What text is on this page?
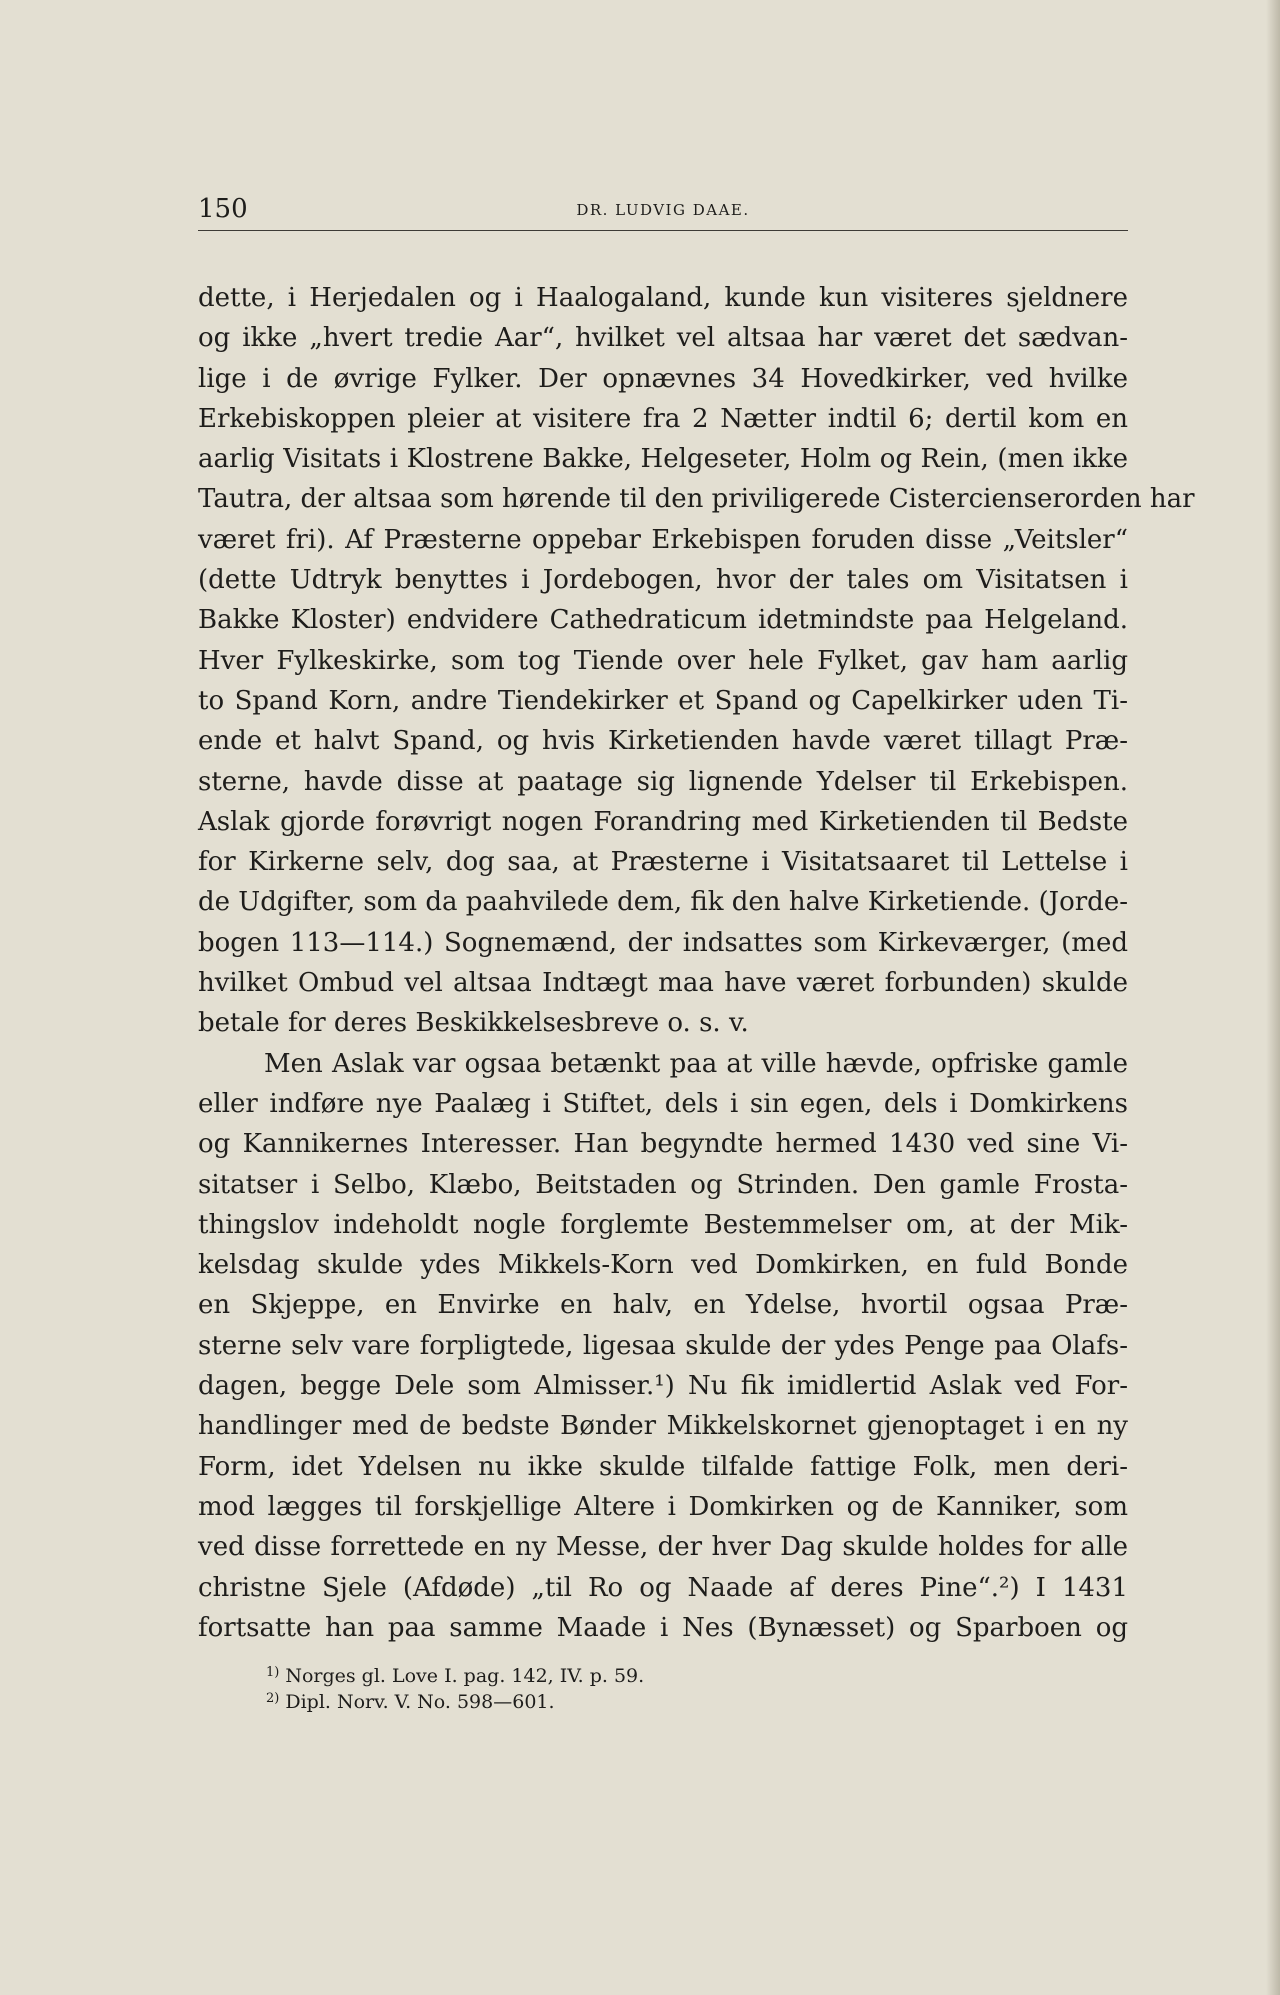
150	DR. LUDVIG DAAE.
dette, i Herjedalen og i Haalogaland, kunde kun visiteres sjeldnere
og ikke „hvert tredie Aar“, hvilket vel altsaa har været det sædvan-
lige i de øvrige Fylker. Der opnævnes 34 Hovedkirker, ved hvilke
Erkebiskoppen pleier at visitere fra 2 Nætter indtil 6; dertil kom en
aarlig Visitats i Klostrene Bakke, Helgeseter, Holm og Rein, (men ikke
Tautra, der altsaa som hørende til den priviligerede Cistercienserorden har
været fri). Af Præsterne oppebar Erkebispen foruden disse „Veitsler“
(dette Udtryk benyttes i Jordebogen, hvor der tales om Visitatsen i
Bakke Kloster) endvidere Cathedraticum idetmindste paa Helgeland.
Hver Fylkeskirke, som tog Tiende over hele Fylket, gav ham aarlig
to Spand Korn, andre Tiendekirker et Spand og Capelkirker uden Ti-
ende et halvt Spand, og hvis Kirketienden havde været tillagt Præ-
sterne, havde disse at paatage sig lignende Ydelser til Erkebispen.
Aslak gjorde forøvrigt nogen Forandring med Kirketienden til Bedste
for Kirkerne selv, dog saa, at Præsterne i Visitatsaaret til Lettelse i
de Udgifter, som da paahvilede dem, fik den halve Kirketiende. (Jorde-
bogen 113—114.) Sognemænd, der indsattes som Kirkeværger, (med
hvilket Ombud vel altsaa Indtægt maa have været forbunden) skulde
betale for deres Beskikkelsesbreve o. s. v.
Men Aslak var ogsaa betænkt paa at ville hævde, opfriske gamle
eller indføre nye Paalæg i Stiftet, dels i sin egen, dels i Domkirkens
og Kannikernes Interesser. Han begyndte hermed 1430 ved sine Vi-
sitatser i Selbo, Klæbo, Beitstaden og Strinden. Den gamle Frosta-
thingslov indeholdt nogle forglemte Bestemmelser om, at der Mik-
kelsdag skulde ydes Mikkels-Korn ved Domkirken, en fuld Bonde
en Skjeppe, en Envirke en halv, en Ydelse, hvortil ogsaa Præ-
sterne selv vare forpligtede, ligesaa skulde der ydes Penge paa Olafs-
dagen, begge Dele som Almisser.¹) Nu fik imidlertid Aslak ved For-
handlinger med de bedste Bønder Mikkelskornet gjenoptaget i en ny
Form, idet Ydelsen nu ikke skulde tilfalde fattige Folk, men deri-
mod lægges til forskjellige Altere i Domkirken og de Kanniker, som
ved disse forrettede en ny Messe, der hver Dag skulde holdes for alle
christne Sjele (Afdøde) „til Ro og Naade af deres Pine“.²) I 1431
fortsatte han paa samme Maade i Nes (Bynæsset) og Sparboen og
$^{1)}$ Norges gl. Love I. pag. 142, IV. p. 59.
$^{2)}$ Dipl. Norv. V. No. 598—601.
